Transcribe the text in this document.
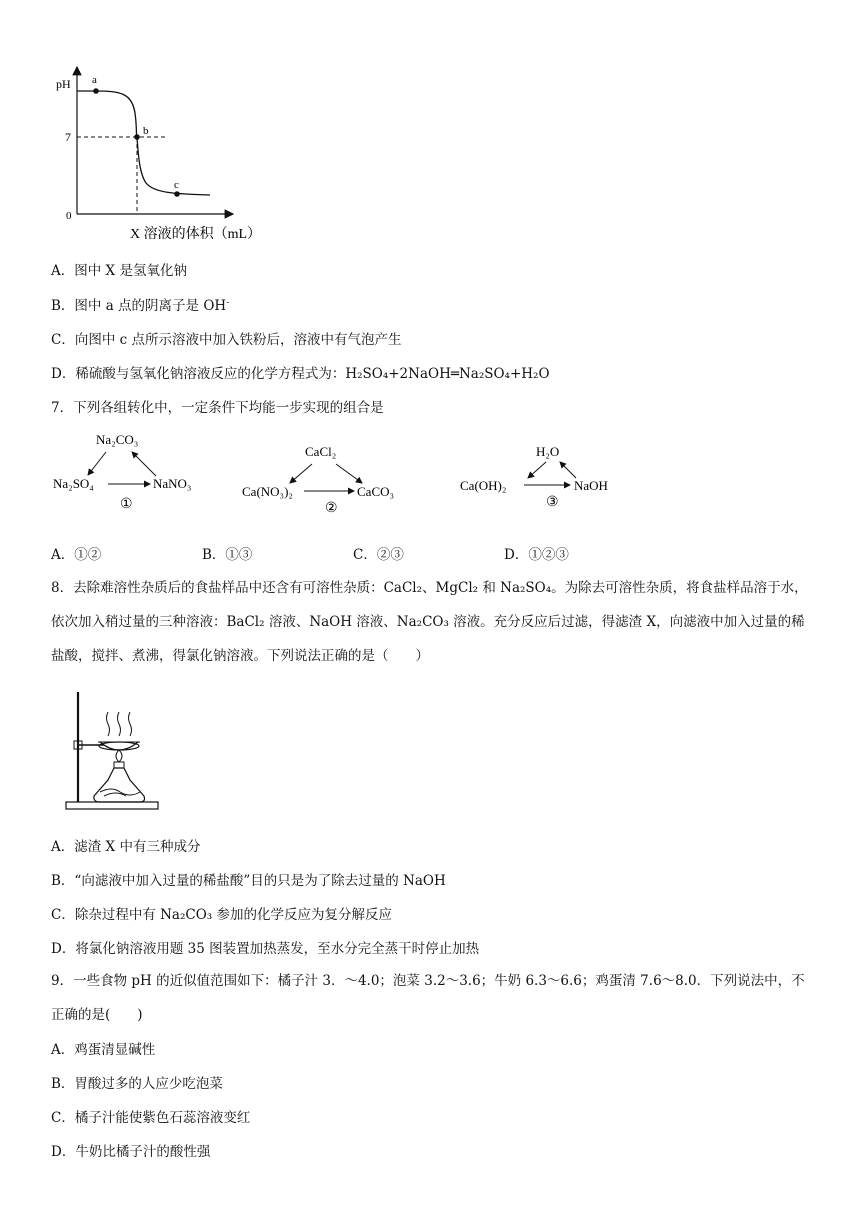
pH
7
0
a
b
c
X 溶液的体积（mL）
A．图中 X 是氢氧化钠
B．图中 a 点的阴离子是 OH-
C．向图中 c 点所示溶液中加入铁粉后，溶液中有气泡产生
D．稀硫酸与氢氧化钠溶液反应的化学方程式为：H₂SO₄+2NaOH═Na₂SO₄+H₂O
7．下列各组转化中，一定条件下均能一步实现的组合是
Na₂CO₃
Na₂SO₄	NaNO₃
①
CaCl₂
Ca(NO₃)₂	CaCO₃
②
H₂O
Ca(OH)₂	NaOH
③
A．①②	B．①③	C．②③	D．①②③
8．去除难溶性杂质后的食盐样品中还含有可溶性杂质：CaCl₂、MgCl₂ 和 Na₂SO₄。为除去可溶性杂质，将食盐样品溶于水，依次加入稍过量的三种溶液：BaCl₂ 溶液、NaOH 溶液、Na₂CO₃ 溶液。充分反应后过滤，得滤渣 X，向滤液中加入过量的稀盐酸，搅拌、煮沸，得氯化钠溶液。下列说法正确的是（　　）
A．滤渣 X 中有三种成分
B．“向滤液中加入过量的稀盐酸”目的只是为了除去过量的 NaOH
C．除杂过程中有 Na₂CO₃ 参加的化学反应为复分解反应
D．将氯化钠溶液用题 35 图装置加热蒸发，至水分完全蒸干时停止加热
9．一些食物 pH 的近似值范围如下：橘子汁 3．～4.0；泡菜 3.2～3.6；牛奶 6.3～6.6；鸡蛋清 7.6～8.0．下列说法中，不正确的是(　　)
A．鸡蛋清显碱性
B．胃酸过多的人应少吃泡菜
C．橘子汁能使紫色石蕊溶液变红
D．牛奶比橘子汁的酸性强
